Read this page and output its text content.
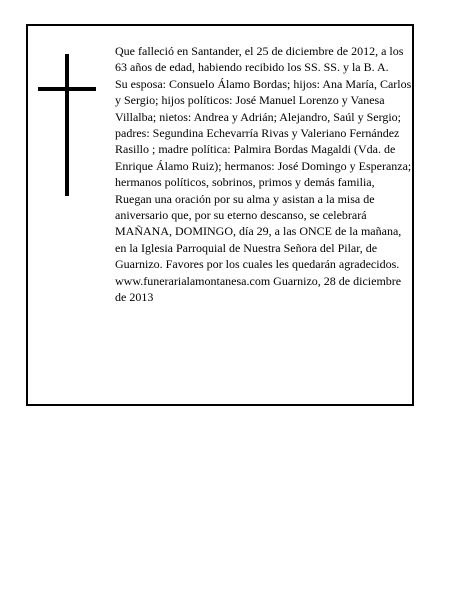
Que falleció en Santander, el 25 de diciembre de 2012, a los 63 años de edad, habiendo recibido los SS. SS. y la B. A.

Su esposa: Consuelo Álamo Bordas; hijos: Ana María, Carlos y Sergio; hijos políticos: José Manuel Lorenzo y Vanesa Villalba; nietos: Andrea y Adrián; Alejandro, Saúl y Sergio; padres: Segundina Echevarría Rivas y Valeriano Fernández Rasillo ; madre política: Palmira Bordas Magaldi (Vda. de Enrique Álamo Ruiz); hermanos: José Domingo y Esperanza; hermanos políticos, sobrinos, primos y demás familia,

Ruegan una oración por su alma y asistan a la misa de aniversario que, por su eterno descanso, se celebrará MAÑANA, DOMINGO, día 29, a las ONCE de la mañana, en la Iglesia Parroquial de Nuestra Señora del Pilar, de Guarnizo. Favores por los cuales les quedarán agradecidos.

www.funerarialamontanesa.com Guarnizo, 28 de diciembre de 2013
